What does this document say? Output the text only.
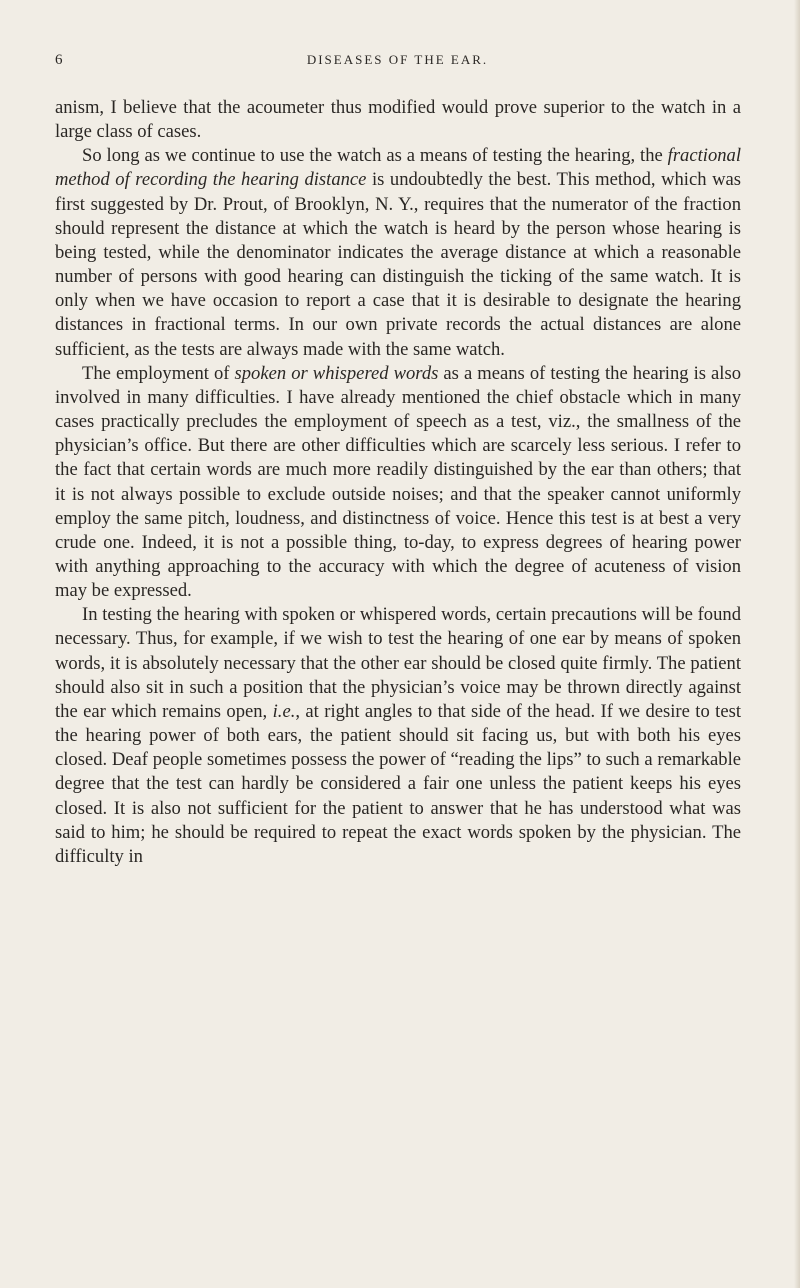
6	DISEASES OF THE EAR.

anism, I believe that the acoumeter thus modified would prove superior to the watch in a large class of cases.

So long as we continue to use the watch as a means of testing the hearing, the fractional method of recording the hearing distance is undoubtedly the best. This method, which was first suggested by Dr. Prout, of Brooklyn, N. Y., requires that the numerator of the fraction should represent the distance at which the watch is heard by the person whose hearing is being tested, while the denominator indicates the average distance at which a reasonable number of persons with good hearing can distinguish the ticking of the same watch. It is only when we have occasion to report a case that it is desirable to designate the hearing distances in fractional terms. In our own private records the actual distances are alone sufficient, as the tests are always made with the same watch.

The employment of spoken or whispered words as a means of testing the hearing is also involved in many difficulties. I have already mentioned the chief obstacle which in many cases practically precludes the employment of speech as a test, viz., the smallness of the physician’s office. But there are other difficulties which are scarcely less serious. I refer to the fact that certain words are much more readily distinguished by the ear than others; that it is not always possible to exclude outside noises; and that the speaker cannot uniformly employ the same pitch, loudness, and distinctness of voice. Hence this test is at best a very crude one. Indeed, it is not a possible thing, to-day, to express degrees of hearing power with anything approaching to the accuracy with which the degree of acuteness of vision may be expressed.

In testing the hearing with spoken or whispered words, certain precautions will be found necessary. Thus, for example, if we wish to test the hearing of one ear by means of spoken words, it is absolutely necessary that the other ear should be closed quite firmly. The patient should also sit in such a position that the physician’s voice may be thrown directly against the ear which remains open, i.e., at right angles to that side of the head. If we desire to test the hearing power of both ears, the patient should sit facing us, but with both his eyes closed. Deaf people sometimes possess the power of “reading the lips” to such a remarkable degree that the test can hardly be considered a fair one unless the patient keeps his eyes closed. It is also not sufficient for the patient to answer that he has understood what was said to him; he should be required to repeat the exact words spoken by the physician. The difficulty in
